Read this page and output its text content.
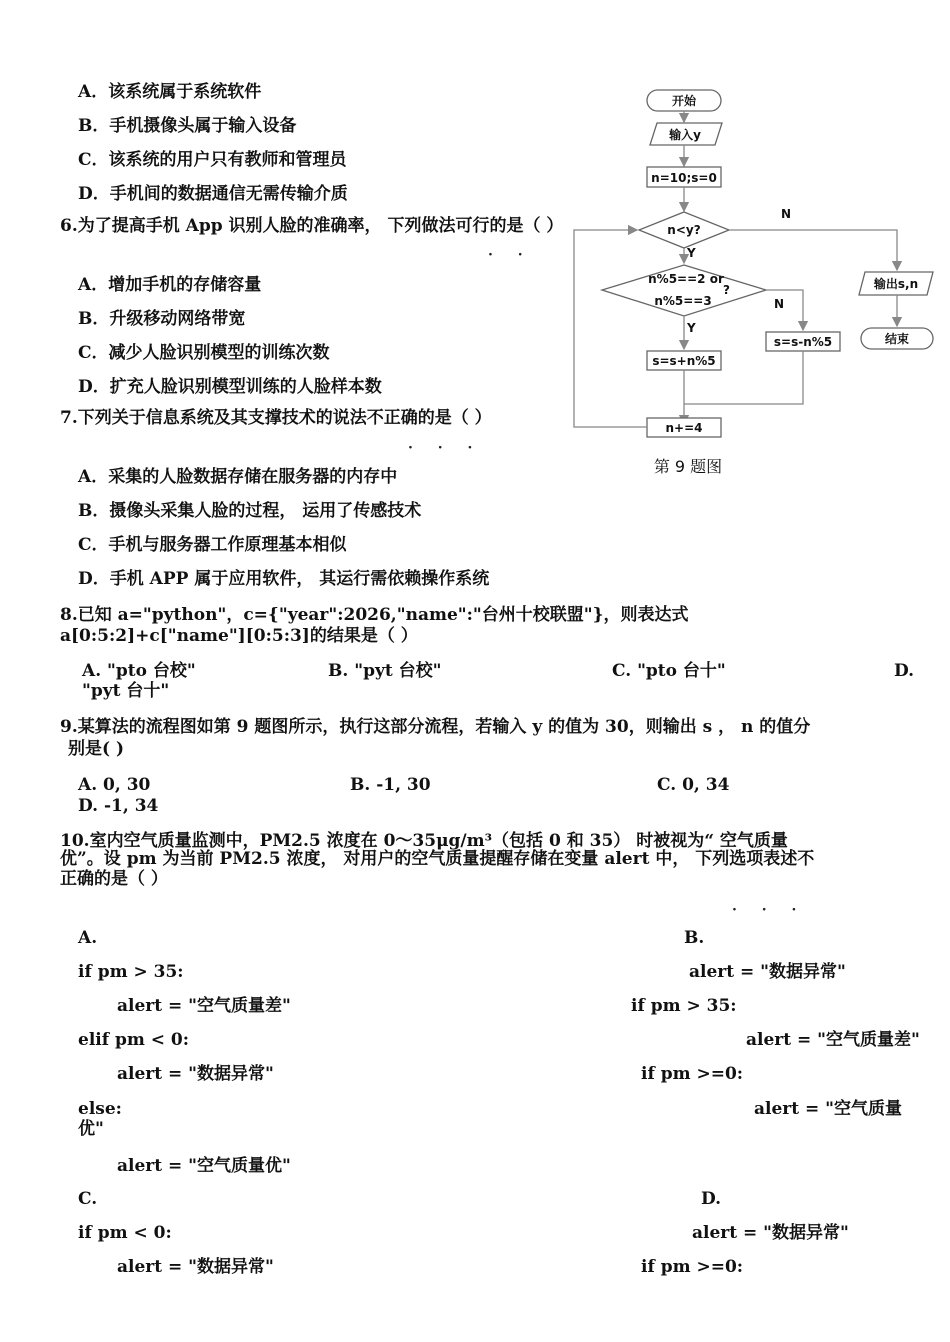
A．该系统属于系统软件
B．手机摄像头属于输入设备
C．该系统的用户只有教师和管理员
D．手机间的数据通信无需传输介质
6.为了提高手机 App 识别人脸的准确率， 下列做法可行的是（ ）
· ·
A．增加手机的存储容量
B．升级移动网络带宽
C．减少人脸识别模型的训练次数
D．扩充人脸识别模型训练的人脸样本数
7.下列关于信息系统及其支撑技术的说法不正确的是（ ）
· · ·
A．采集的人脸数据存储在服务器的内存中
B．摄像头采集人脸的过程， 运用了传感技术
C．手机与服务器工作原理基本相似
D．手机 APP 属于应用软件， 其运行需依赖操作系统
8.已知 a="python"，c={"year":2026,"name":"台州十校联盟"}，则表达式
a[0:5:2]+c["name"][0:5:3]的结果是（ ）
A. "pto 台校"	B. "pyt 台校"	C. "pto 台十"	D.
"pyt 台十"
9.某算法的流程图如第 9 题图所示，执行这部分流程，若输入 y 的值为 30，则输出 s ， n 的值分
别是( )
A. 0, 30	B. -1, 30	C. 0, 34
D. -1, 34
10.室内空气质量监测中，PM2.5 浓度在 0～35μg/m³（包括 0 和 35） 时被视为“ 空气质量
优”。设 pm 为当前 PM2.5 浓度， 对用户的空气质量提醒存储在变量 alert 中， 下列选项表述不
正确的是（ ）
· · ·
A.
if pm > 35:
alert = "空气质量差"
elif pm < 0:
alert = "数据异常"
else:
alert = "空气质量优"
B.
alert = "数据异常"
if pm > 35:
alert = "空气质量差"
if pm >=0:
alert = "空气质量
优"
C.
if pm < 0:
alert = "数据异常"
D.
alert = "数据异常"
if pm >=0:
开始
输入y
n=10;s=0
n<y?
Y
N
n%5==2 or
?
n%5==3
Y
N
s=s+n%5
s=s-n%5
n+=4
输出s,n
结束
第 9 题图
